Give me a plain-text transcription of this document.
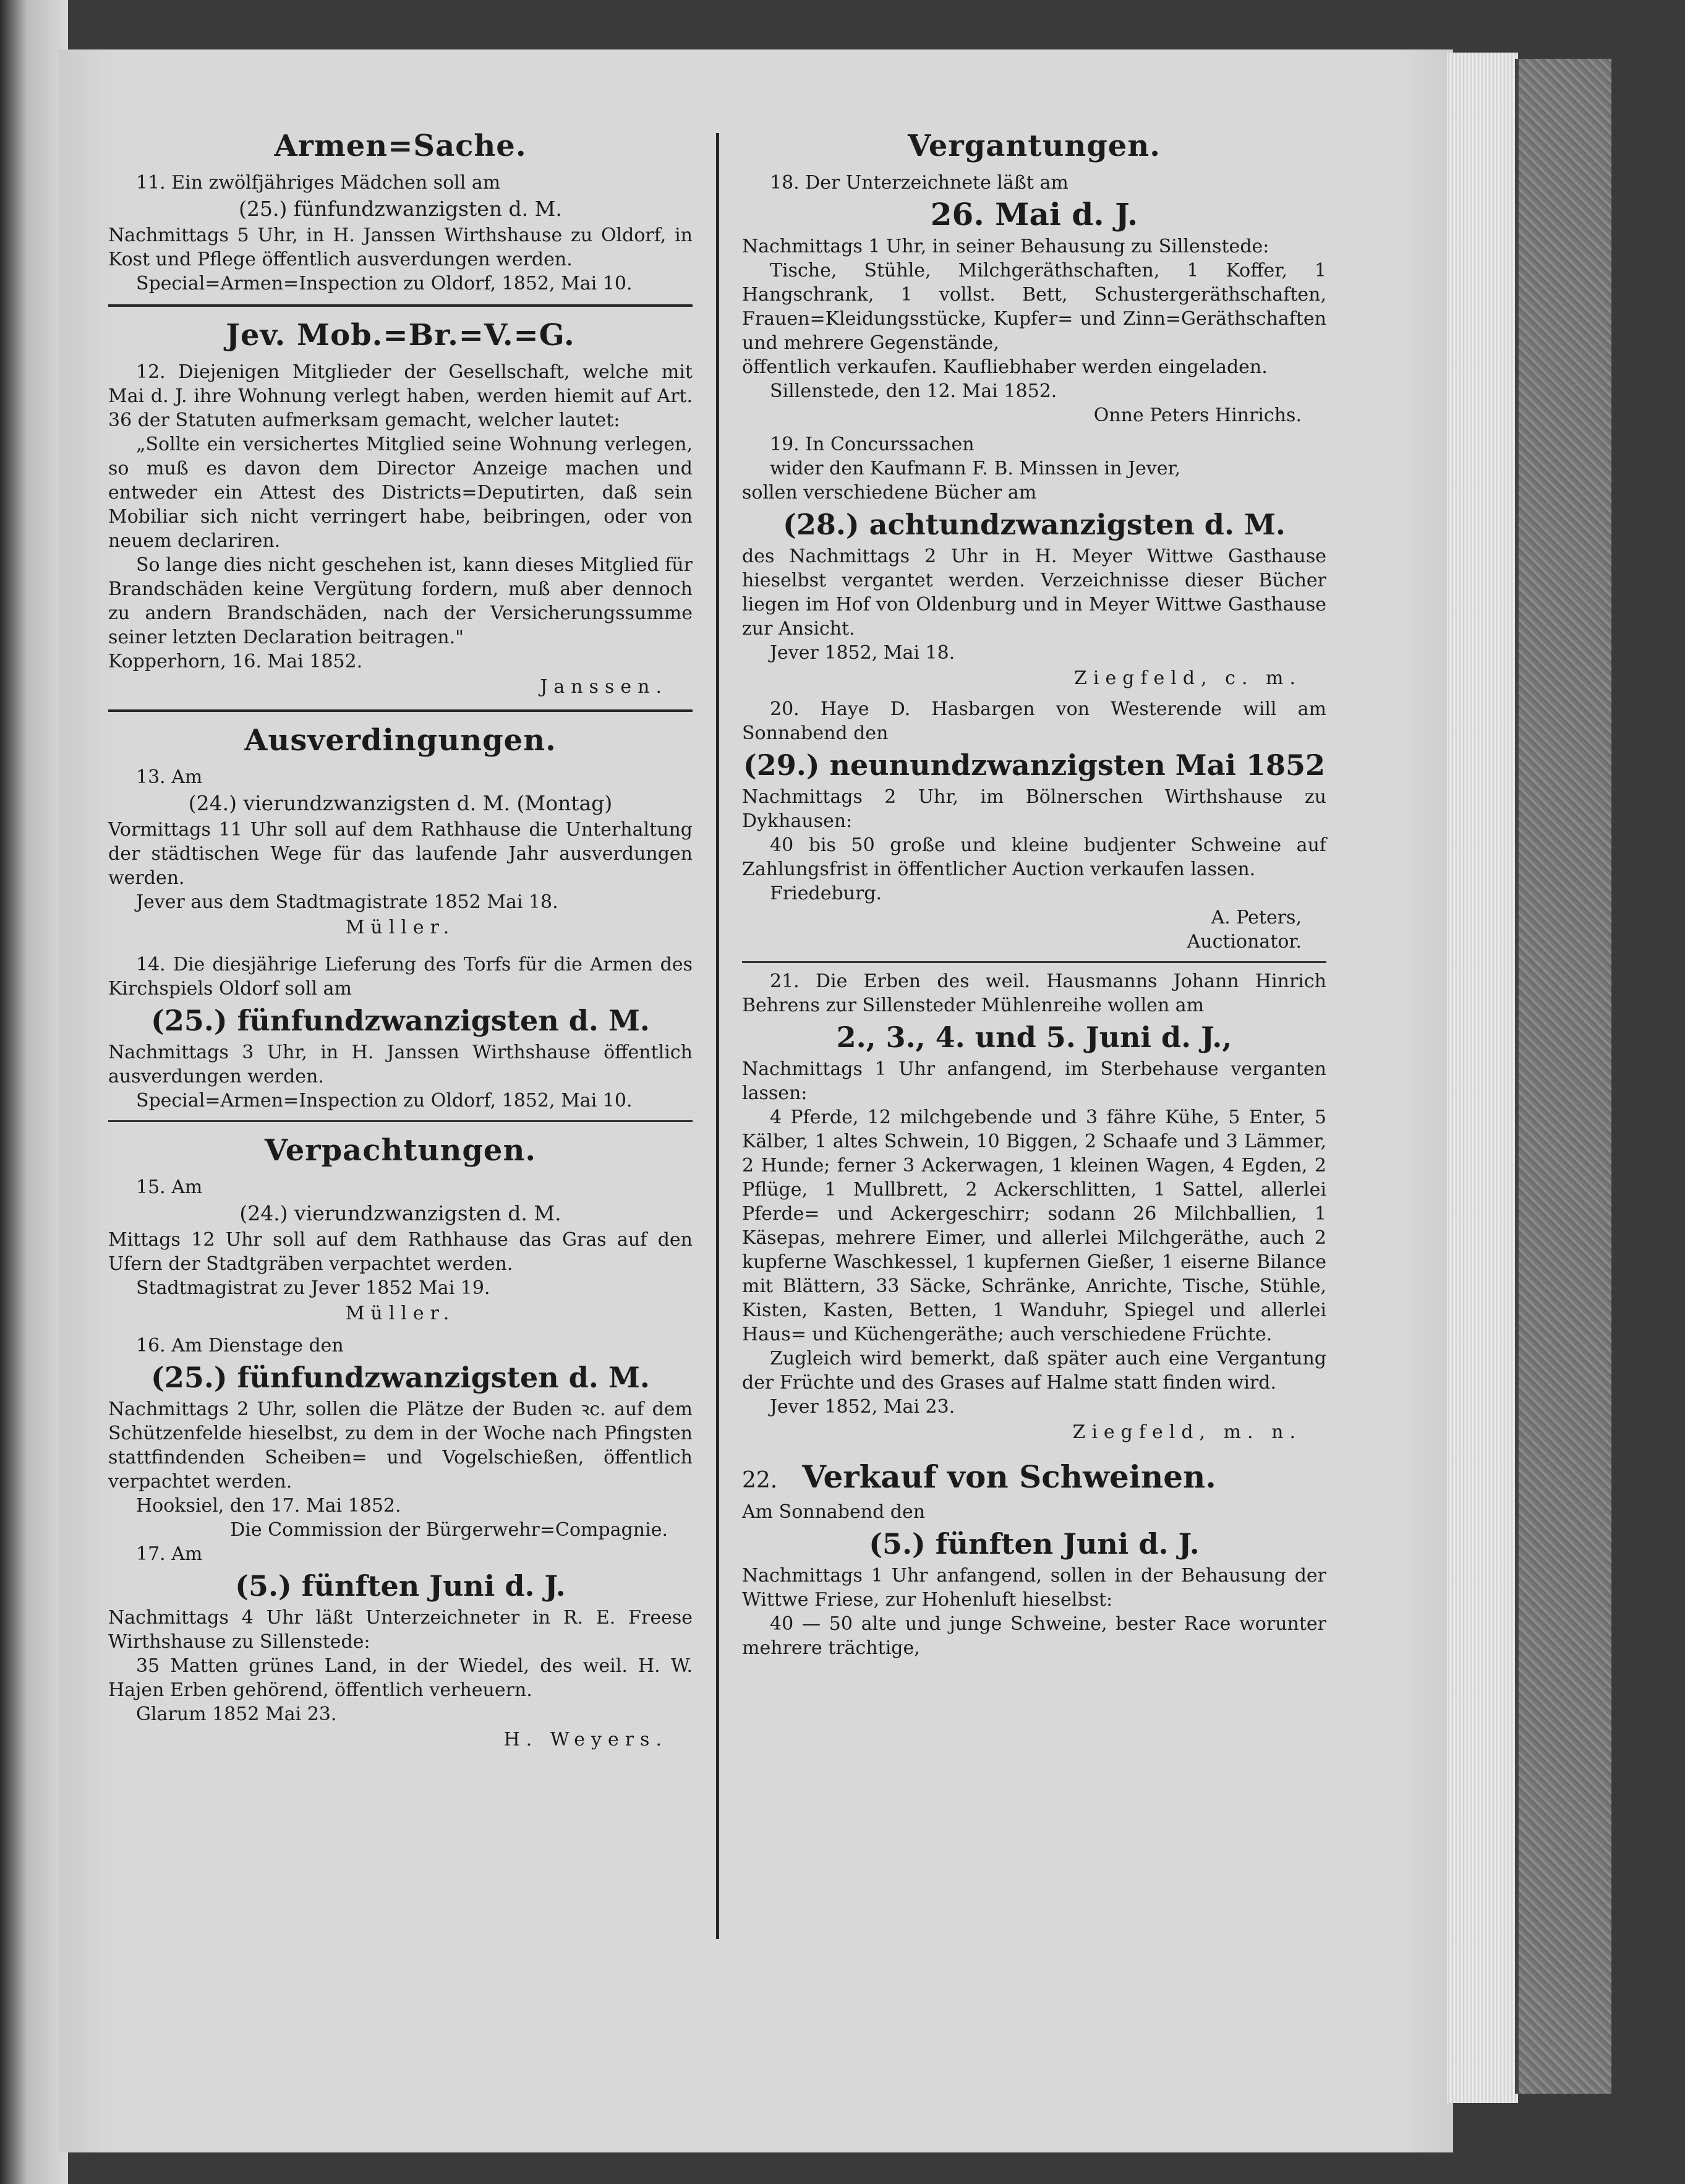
Armen=Sache.

11. Ein zwölfjähriges Mädchen soll am

(25.) fünfundzwanzigsten d. M.

Nachmittags 5 Uhr, in H. Janssen Wirthshause zu Oldorf, in Kost und Pflege öffentlich ausverdungen werden.

Special=Armen=Inspection zu Oldorf, 1852, Mai 10.

Jev. Mob.=Br.=V.=G.

12. Diejenigen Mitglieder der Gesellschaft, welche mit Mai d. J. ihre Wohnung verlegt haben, werden hiemit auf Art. 36 der Statuten aufmerksam gemacht, welcher lautet:

„Sollte ein versichertes Mitglied seine Wohnung verlegen, so muß es davon dem Director Anzeige machen und entweder ein Attest des Districts=Deputirten, daß sein Mobiliar sich nicht verringert habe, beibringen, oder von neuem declariren.

So lange dies nicht geschehen ist, kann dieses Mitglied für Brandschäden keine Vergütung fordern, muß aber dennoch zu andern Brandschäden, nach der Versicherungssumme seiner letzten Declaration beitragen."

Kopperhorn, 16. Mai 1852.

Janssen.
Ausverdingungen.

13. Am

(24.) vierundzwanzigsten d. M. (Montag)

Vormittags 11 Uhr soll auf dem Rathhause die Unterhaltung der städtischen Wege für das laufende Jahr ausverdungen werden.

Jever aus dem Stadtmagistrate 1852 Mai 18.

Müller.

14. Die diesjährige Lieferung des Torfs für die Armen des Kirchspiels Oldorf soll am

(25.) fünfundzwanzigsten d. M.

Nachmittags 3 Uhr, in H. Janssen Wirthshause öffentlich ausverdungen werden.

Special=Armen=Inspection zu Oldorf, 1852, Mai 10.

Verpachtungen.

15. Am

(24.) vierundzwanzigsten d. M.

Mittags 12 Uhr soll auf dem Rathhause das Gras auf den Ufern der Stadtgräben verpachtet werden.

Stadtmagistrat zu Jever 1852 Mai 19.

Müller.

16. Am Dienstage den

(25.) fünfundzwanzigsten d. M.

Nachmittags 2 Uhr, sollen die Plätze der Buden ꝛc. auf dem Schützenfelde hieselbst, zu dem in der Woche nach Pfingsten stattfindenden Scheiben= und Vogelschießen, öffentlich verpachtet werden.

Hooksiel, den 17. Mai 1852.

Die Commission der Bürgerwehr=Compagnie.

17. Am

(5.) fünften Juni d. J.

Nachmittags 4 Uhr läßt Unterzeichneter in R. E. Freese Wirthshause zu Sillenstede:

35 Matten grünes Land, in der Wiedel, des weil. H. W. Hajen Erben gehörend, öffentlich verheuern.

Glarum 1852 Mai 23.

H. Weyers.
Vergantungen.

18. Der Unterzeichnete läßt am

26. Mai d. J.

Nachmittags 1 Uhr, in seiner Behausung zu Sillenstede:

Tische, Stühle, Milchgeräthschaften, 1 Koffer, 1 Hangschrank, 1 vollst. Bett, Schustergeräthschaften, Frauen=Kleidungsstücke, Kupfer= und Zinn=Geräthschaften und mehrere Gegenstände,

öffentlich verkaufen. Kaufliebhaber werden eingeladen.

Sillenstede, den 12. Mai 1852.

Onne Peters Hinrichs.

19. In Concurssachen

wider den Kaufmann F. B. Minssen in Jever,

sollen verschiedene Bücher am

(28.) achtundzwanzigsten d. M.

des Nachmittags 2 Uhr in H. Meyer Wittwe Gasthause hieselbst vergantet werden. Verzeichnisse dieser Bücher liegen im Hof von Oldenburg und in Meyer Wittwe Gasthause zur Ansicht.

Jever 1852, Mai 18.

Ziegfeld, c. m.

20. Haye D. Hasbargen von Westerende will am Sonnabend den

(29.) neunundzwanzigsten Mai 1852

Nachmittags 2 Uhr, im Bölnerschen Wirthshause zu Dykhausen:

40 bis 50 große und kleine budjenter Schweine auf Zahlungsfrist in öffentlicher Auction verkaufen lassen.

Friedeburg.

A. Peters,

Auctionator.

21. Die Erben des weil. Hausmanns Johann Hinrich Behrens zur Sillensteder Mühlenreihe wollen am

2., 3., 4. und 5. Juni d. J.,

Nachmittags 1 Uhr anfangend, im Sterbehause verganten lassen:

4 Pferde, 12 milchgebende und 3 fähre Kühe, 5 Enter, 5 Kälber, 1 altes Schwein, 10 Biggen, 2 Schaafe und 3 Lämmer, 2 Hunde; ferner 3 Ackerwagen, 1 kleinen Wagen, 4 Egden, 2 Pflüge, 1 Mullbrett, 2 Ackerschlitten, 1 Sattel, allerlei Pferde= und Ackergeschirr; sodann 26 Milchballien, 1 Käsepas, mehrere Eimer, und allerlei Milchgeräthe, auch 2 kupferne Waschkessel, 1 kupfernen Gießer, 1 eiserne Bilance mit Blättern, 33 Säcke, Schränke, Anrichte, Tische, Stühle, Kisten, Kasten, Betten, 1 Wanduhr, Spiegel und allerlei Haus= und Küchengeräthe; auch verschiedene Früchte.

Zugleich wird bemerkt, daß später auch eine Vergantung der Früchte und des Grases auf Halme statt finden wird.

Jever 1852, Mai 23.

Ziegfeld, m. n.
22. Verkauf von Schweinen.

Am Sonnabend den

(5.) fünften Juni d. J.

Nachmittags 1 Uhr anfangend, sollen in der Behausung der Wittwe Friese, zur Hohenluft hieselbst:

40 — 50 alte und junge Schweine, bester Race worunter mehrere trächtige,
